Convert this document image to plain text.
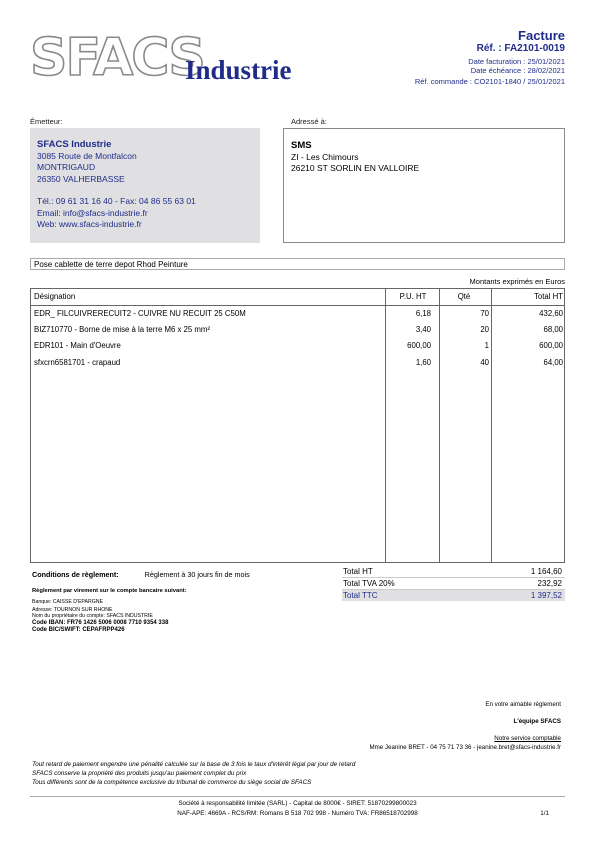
SFACS
Industrie
Facture
Réf. : FA2101-0019
Date facturation : 25/01/2021
Date échéance : 28/02/2021
Réf. commande : CO2101-1840 / 25/01/2021
Émetteur:	Adressé à:
SFACS Industrie
3085 Route de Montfalcon
MONTRIGAUD
26350 VALHERBASSE
Tél.: 09 61 31 16 40 - Fax: 04 86 55 63 01
Email: info@sfacs-industrie.fr
Web: www.sfacs-industrie.fr
SMS
ZI - Les Chimours
26210 ST SORLIN EN VALLOIRE
Pose cablette de terre depot Rhod Peinture
Montants exprimés en Euros
Désignation	P.U. HT	Qté	Total HT
EDR_ FILCUIVRERECUIT2 - CUIVRE NU RECUIT 25 C50M	6,18	70	432,60
BIZ710770 - Borne de mise à la terre M6 x 25 mm²	3,40	20	68,00
EDR101 - Main d'Oeuvre	600,00	1	600,00
sfxcrn6581701 - crapaud	1,60	40	64,00
Conditions de règlement:	Règlement à 30 jours fin de mois
Règlement par virement sur le compte bancaire suivant:
Banque: CAISSE D'EPARGNE
Adresse: TOURNON SUR RHONE
Nom du propriétaire du compte: SFACS INDUSTRIE
Code IBAN: FR76 1426 5006 0008 7710 9354 338
Code BIC/SWIFT: CEPAFRPP426
Total HT	1 164,60
Total TVA 20%	232,92
Total TTC	1 397,52
En votre aimable règlement
L'équipe SFACS
Notre service comptable
Mme Jeanine BRET - 04 75 71 73 36 - jeanine.bret@sfacs-industrie.fr
Tout retard de paiement engendre une pénalité calculée sur la base de 3 fois le taux d'intérêt légal par jour de retard
SFACS conserve la propriété des produits jusqu'au paiement complet du prix
Tous différents sont de la compétence exclusive du tribunal de commerce du siège social de SFACS
Société à responsabilité limitée (SARL) - Capital de 8000€ - SIRET: 51870299800023
NAF-APE: 4669A - RCS/RM: Romans B 518 702 998 - Numéro TVA: FR86518702998	1/1
